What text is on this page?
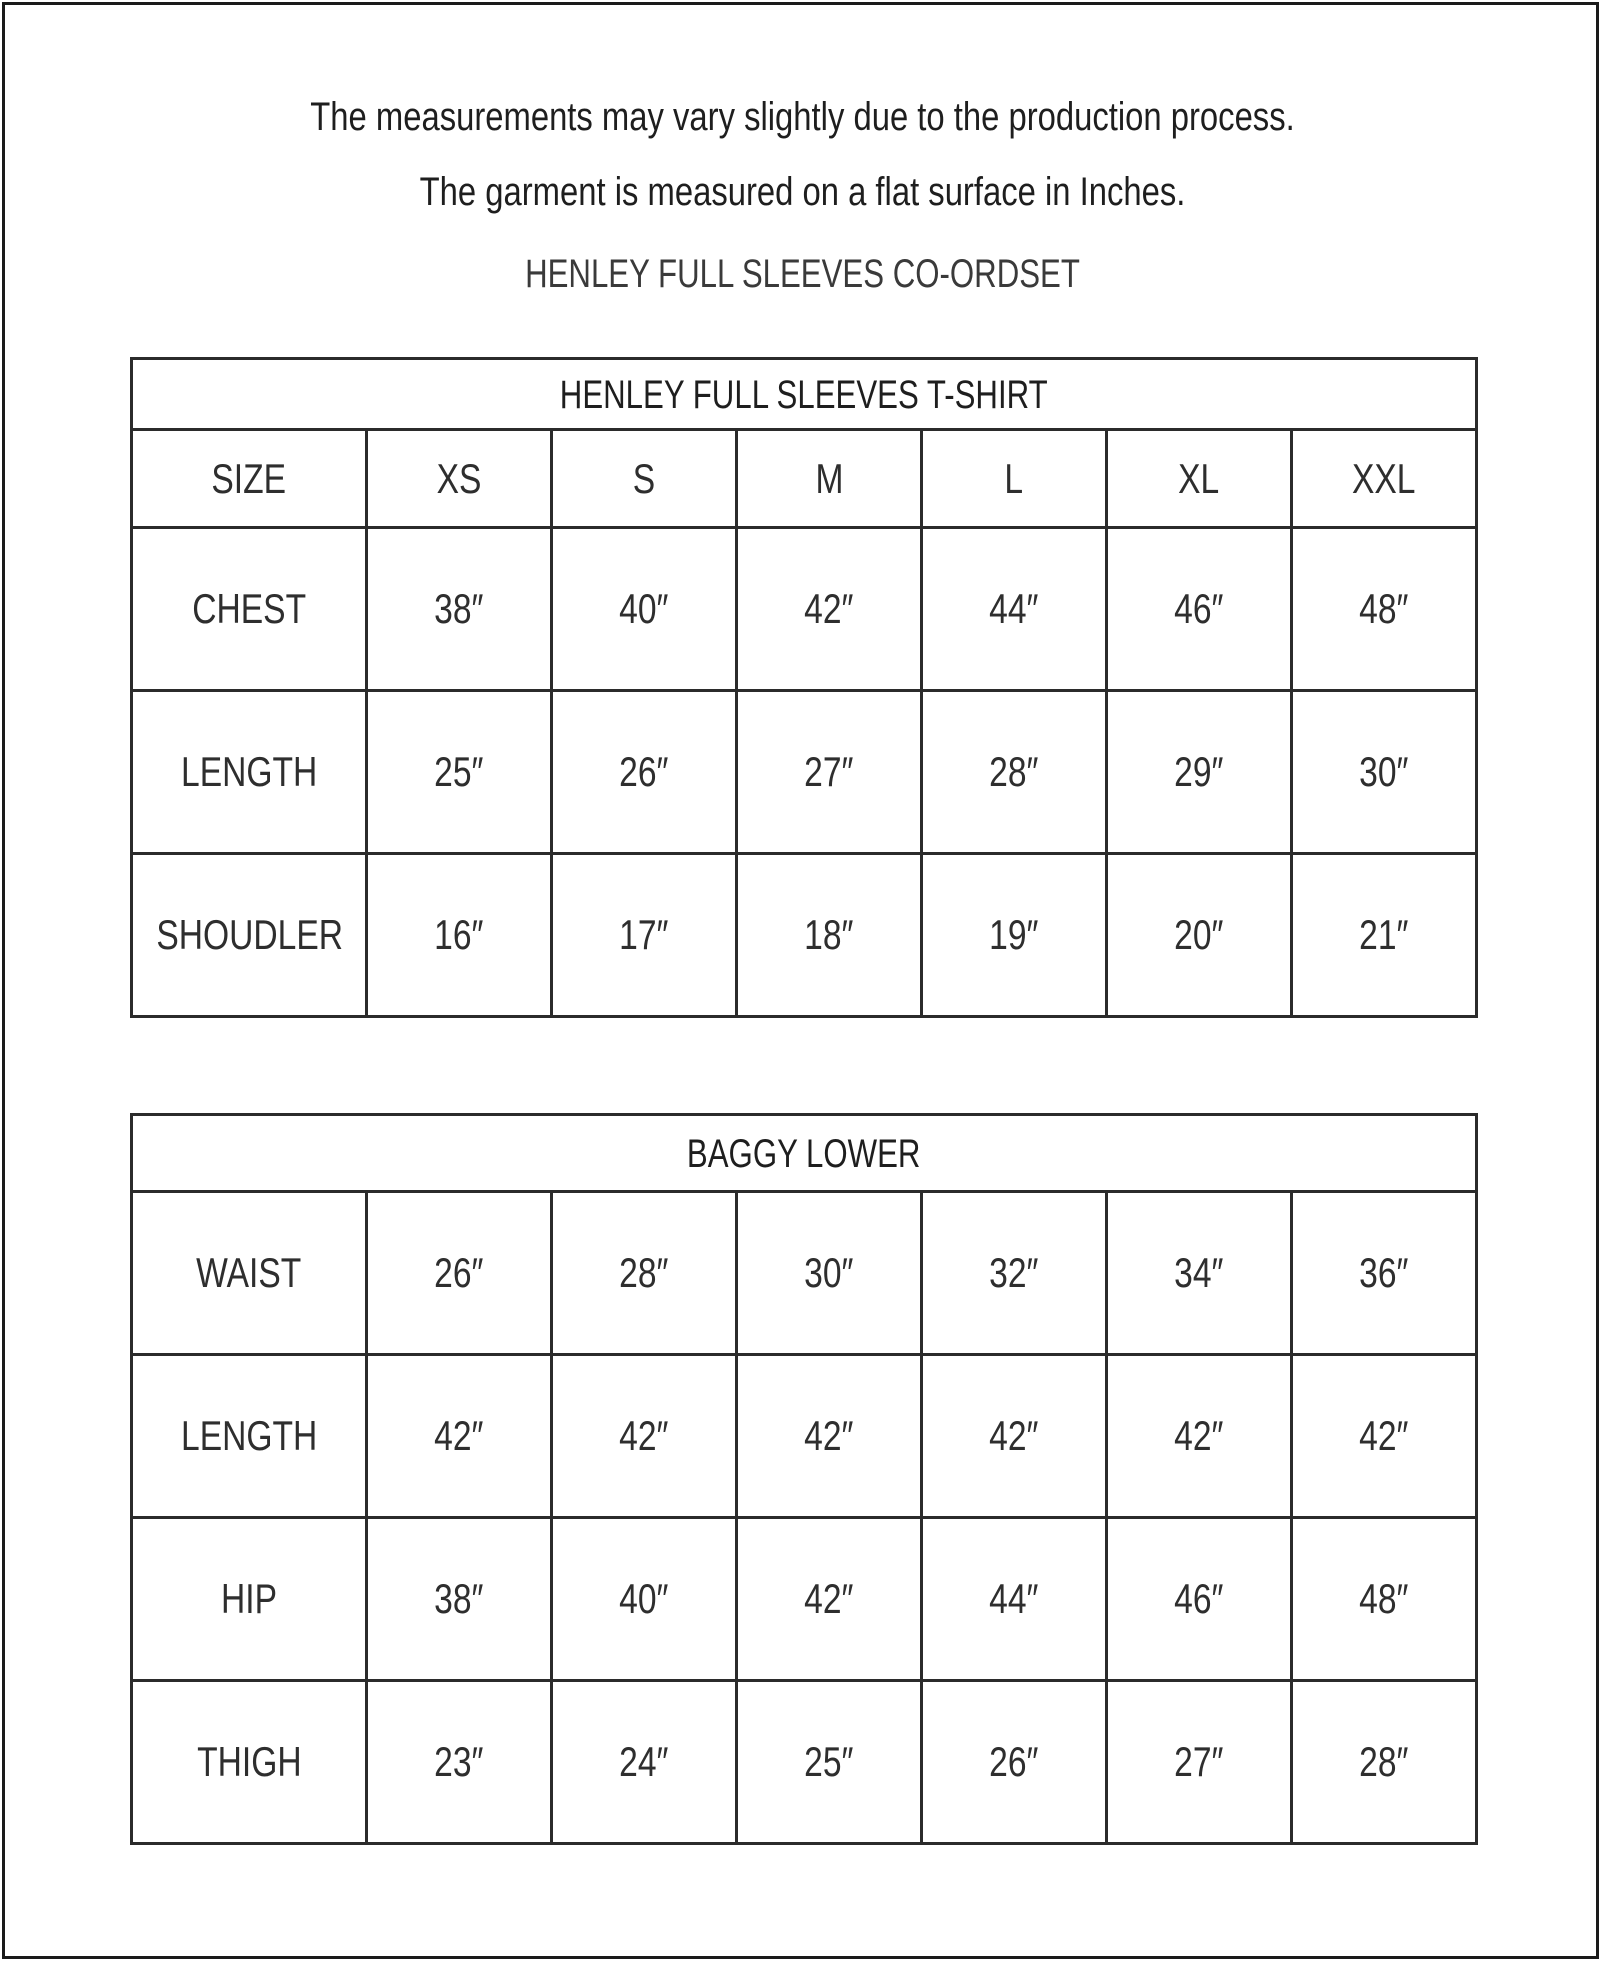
The measurements may vary slightly due to the production process.
The garment is measured on a flat surface in Inches.
HENLEY FULL SLEEVES CO-ORDSET
HENLEY FULL SLEEVES T-SHIRT						
SIZE	XS	S	M	L	XL	XXL
CHEST	38″	40″	42″	44″	46″	48″
LENGTH	25″	26″	27″	28″	29″	30″
SHOUDLER	16″	17″	18″	19″	20″	21″
BAGGY LOWER						
WAIST	26″	28″	30″	32″	34″	36″
LENGTH	42″	42″	42″	42″	42″	42″
HIP	38″	40″	42″	44″	46″	48″
THIGH	23″	24″	25″	26″	27″	28″
